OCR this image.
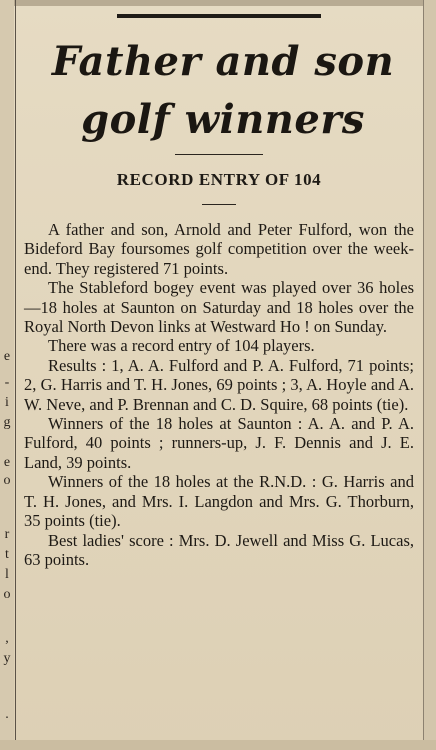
e
-
i
g
e
o
r
t
l
o
,
y
.
Father and son
golf winners
RECORD ENTRY OF 104

A father and son, Arnold and Peter Fulford, won the Bideford Bay foursomes golf competition over the week-end. They registered 71 points.

The Stableford bogey event was played over 36 holes—18 holes at Saunton on Saturday and 18 holes over the Royal North Devon links at Westward Ho ! on Sunday.

There was a record entry of 104 players.

Results : 1, A. A. Fulford and P. A. Fulford, 71 points; 2, G. Harris and T. H. Jones, 69 points ; 3, A. Hoyle and A. W. Neve, and P. Brennan and C. D. Squire, 68 points (tie).

Winners of the 18 holes at Saunton : A. A. and P. A. Fulford, 40 points ; runners-up, J. F. Dennis and J. E. Land, 39 points.

Winners of the 18 holes at the R.N.D. : G. Harris and T. H. Jones, and Mrs. I. Langdon and Mrs. G. Thorburn, 35 points (tie).

Best ladies' score : Mrs. D. Jewell and Miss G. Lucas, 63 points.
